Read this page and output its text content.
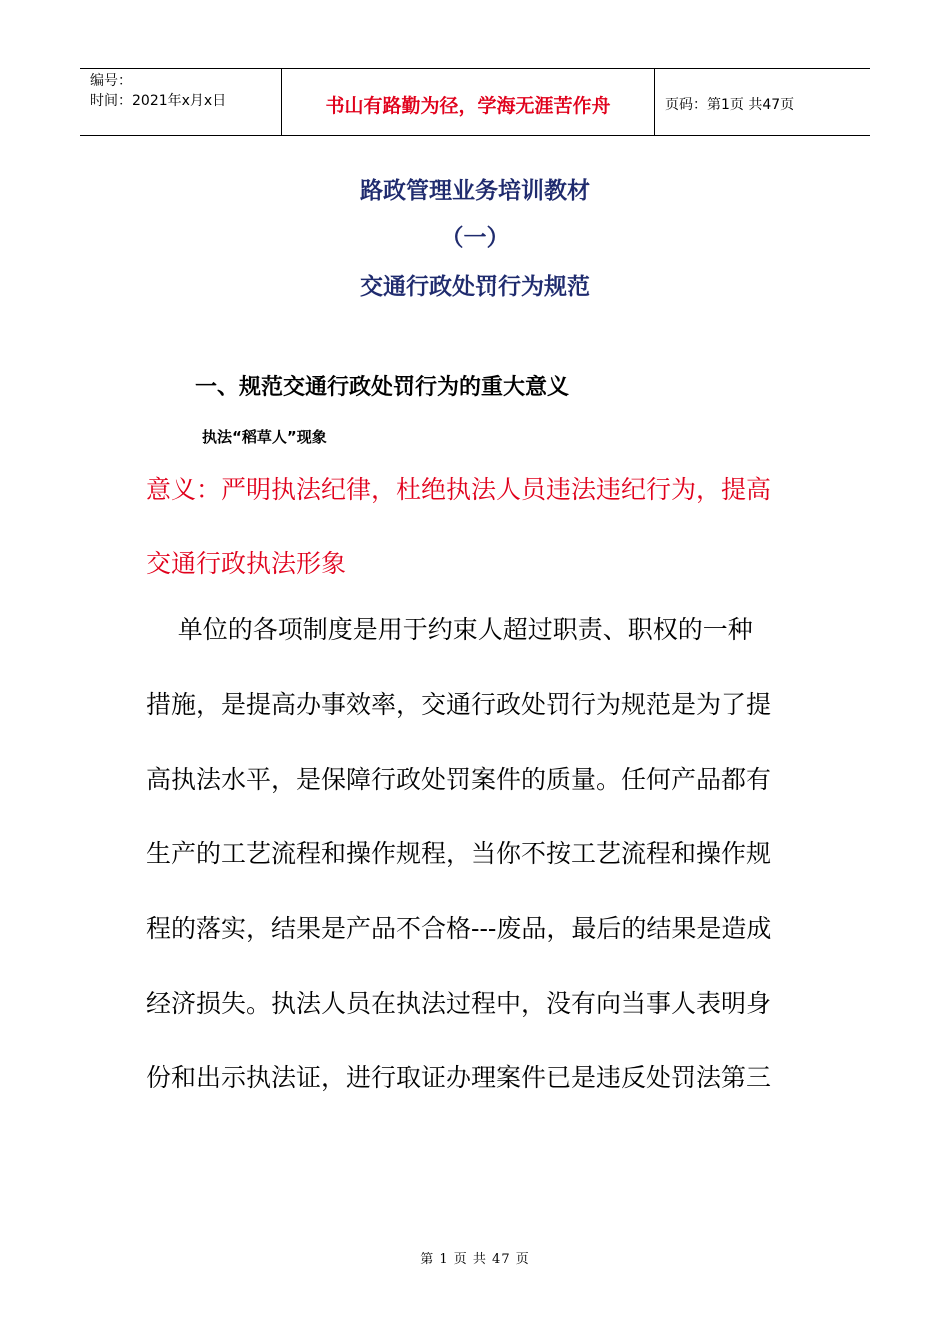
编号：
时间：2021年x月x日	书山有路勤为径，学海无涯苦作舟	页码：第1页 共47页
路政管理业务培训教材
（一）
交通行政处罚行为规范
一、规范交通行政处罚行为的重大意义
执法“稻草人”现象
意义：严明执法纪律，杜绝执法人员违法违纪行为，提高
交通行政执法形象
单位的各项制度是用于约束人超过职责、职权的一种
措施，是提高办事效率，交通行政处罚行为规范是为了提
高执法水平，是保障行政处罚案件的质量。任何产品都有
生产的工艺流程和操作规程，当你不按工艺流程和操作规
程的落实，结果是产品不合格---废品，最后的结果是造成
经济损失。执法人员在执法过程中，没有向当事人表明身
份和出示执法证，进行取证办理案件已是违反处罚法第三
第 1 页 共 47 页
